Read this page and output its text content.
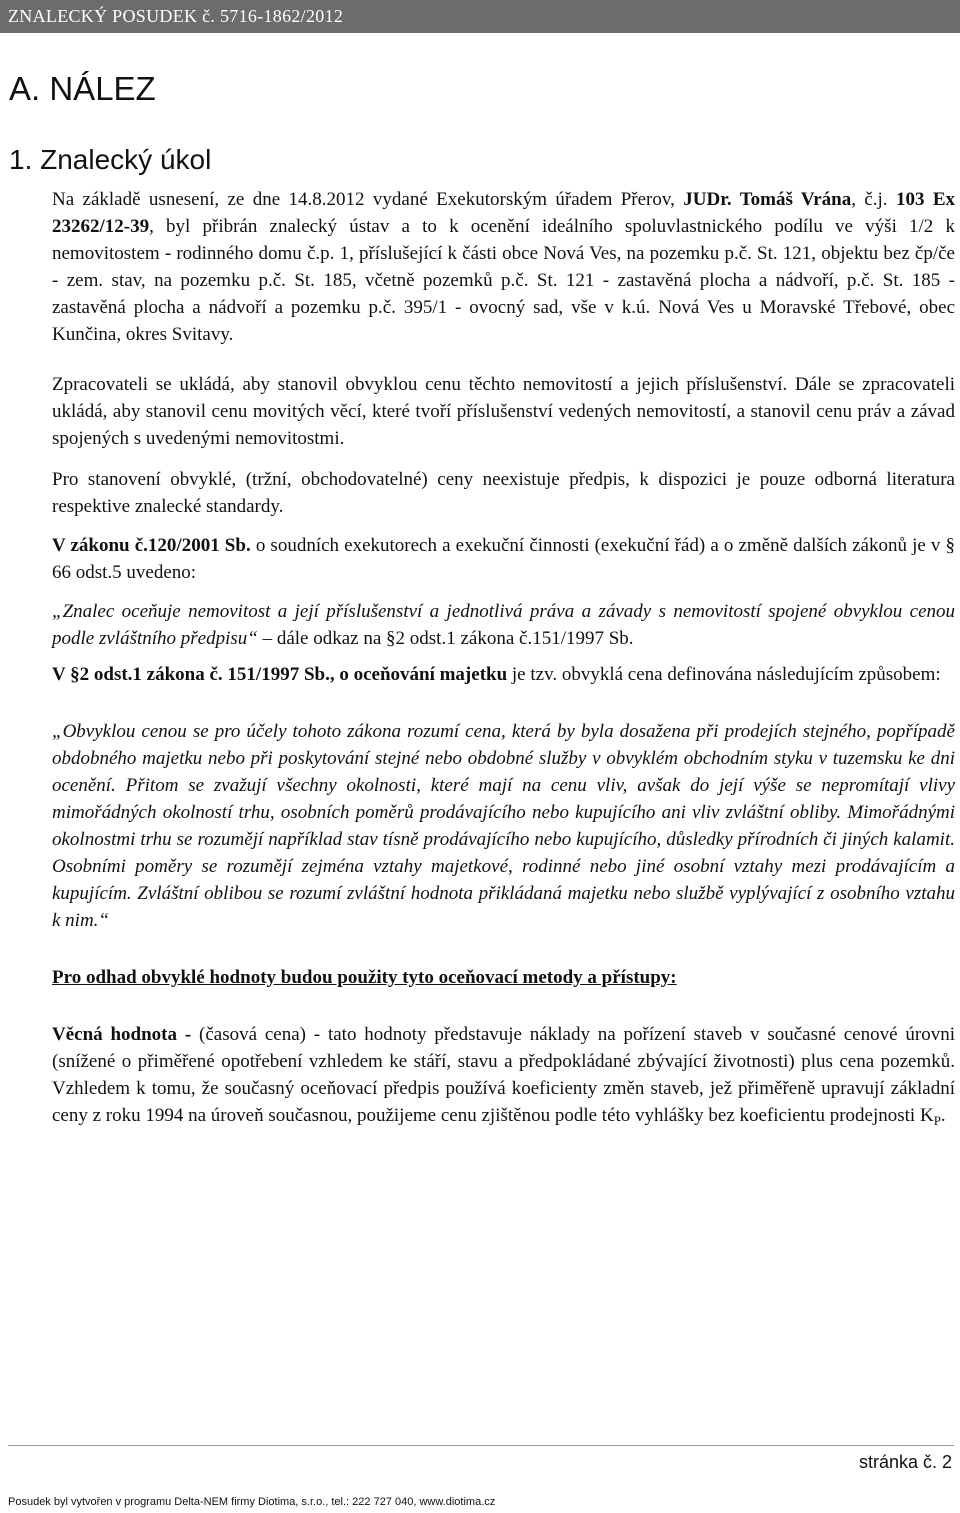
ZNALECKÝ POSUDEK č. 5716-1862/2012
A. NÁLEZ
1. Znalecký úkol

Na základě usnesení, ze dne 14.8.2012 vydané Exekutorským úřadem Přerov, JUDr. Tomáš Vrána, č.j. 103 Ex 23262/12-39, byl přibrán znalecký ústav a to k ocenění ideálního spoluvlastnického podílu ve výši 1/2 k nemovitostem - rodinného domu č.p. 1, příslušející k části obce Nová Ves, na pozemku p.č. St. 121, objektu bez čp/če - zem. stav, na pozemku p.č. St. 185, včetně pozemků p.č. St. 121 - zastavěná plocha a nádvoří, p.č. St. 185 - zastavěná plocha a nádvoří a pozemku p.č. 395/1 - ovocný sad, vše v k.ú. Nová Ves u Moravské Třebové, obec Kunčina, okres Svitavy.

Zpracovateli se ukládá, aby stanovil obvyklou cenu těchto nemovitostí a jejich příslušenství. Dále se zpracovateli ukládá, aby stanovil cenu movitých věcí, které tvoří příslušenství vedených nemovitostí, a stanovil cenu práv a závad spojených s uvedenými nemovitostmi.

Pro stanovení obvyklé, (tržní, obchodovatelné) ceny neexistuje předpis, k dispozici je pouze odborná literatura respektive znalecké standardy.

V zákonu č.120/2001 Sb. o soudních exekutorech a exekuční činnosti (exekuční řád) a o změně dalších zákonů je v § 66 odst.5 uvedeno:

„Znalec oceňuje nemovitost a její příslušenství a jednotlivá práva a závady s nemovitostí spojené obvyklou cenou podle zvláštního předpisu“ – dále odkaz na §2 odst.1 zákona č.151/1997 Sb.

V §2 odst.1 zákona č. 151/1997 Sb., o oceňování majetku je tzv. obvyklá cena definována následujícím způsobem:

„Obvyklou cenou se pro účely tohoto zákona rozumí cena, která by byla dosažena při prodejích stejného, popřípadě obdobného majetku nebo při poskytování stejné nebo obdobné služby v obvyklém obchodním styku v tuzemsku ke dni ocenění. Přitom se zvažují všechny okolnosti, které mají na cenu vliv, avšak do její výše se nepromítají vlivy mimořádných okolností trhu, osobních poměrů prodávajícího nebo kupujícího ani vliv zvláštní obliby. Mimořádnými okolnostmi trhu se rozumějí například stav tísně prodávajícího nebo kupujícího, důsledky přírodních či jiných kalamit. Osobními poměry se rozumějí zejména vztahy majetkové, rodinné nebo jiné osobní vztahy mezi prodávajícím a kupujícím. Zvláštní oblibou se rozumí zvláštní hodnota přikládaná majetku nebo službě vyplývající z osobního vztahu k nim.“

Pro odhad obvyklé hodnoty budou použity tyto oceňovací metody a přístupy:

Věcná hodnota - (časová cena) - tato hodnoty představuje náklady na pořízení staveb v současné cenové úrovni (snížené o přiměřené opotřebení vzhledem ke stáří, stavu a předpokládané zbývající životnosti) plus cena pozemků. Vzhledem k tomu, že současný oceňovací předpis používá koeficienty změn staveb, jež přiměřeně upravují základní ceny z roku 1994 na úroveň současnou, použijeme cenu zjištěnou podle této vyhlášky bez koeficientu prodejnosti $K_P$.

stránka č. 2
Posudek byl vytvořen v programu Delta-NEM firmy Diotima, s.r.o., tel.: 222 727 040, www.diotima.cz
